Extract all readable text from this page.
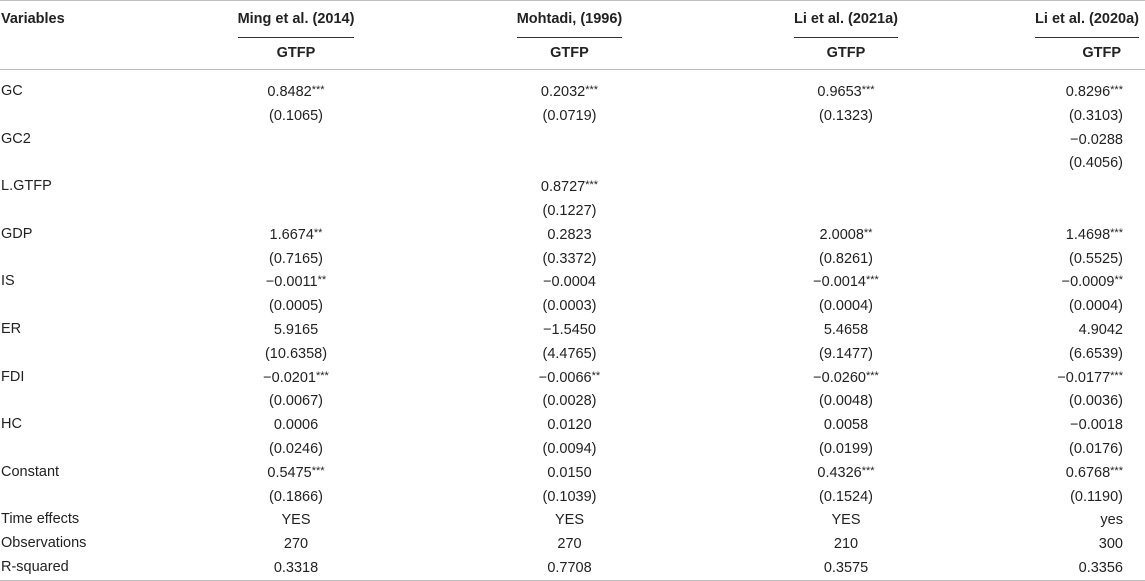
Variables	Ming et al. (2014)	Mohtadi, (1996)	Li et al. (2021a)	Li et al. (2020a)
	GTFP	GTFP	GTFP	GTFP
GC	0.8482***	0.2032***	0.9653***	0.8296***
	(0.1065)	(0.0719)	(0.1323)	(0.3103)
GC2				−0.0288
				(0.4056)
L.GTFP		0.8727***		
		(0.1227)		
GDP	1.6674**	0.2823	2.0008**	1.4698***
	(0.7165)	(0.3372)	(0.8261)	(0.5525)
IS	−0.0011**	−0.0004	−0.0014***	−0.0009**
	(0.0005)	(0.0003)	(0.0004)	(0.0004)
ER	5.9165	−1.5450	5.4658	4.9042
	(10.6358)	(4.4765)	(9.1477)	(6.6539)
FDI	−0.0201***	−0.0066**	−0.0260***	−0.0177***
	(0.0067)	(0.0028)	(0.0048)	(0.0036)
HC	0.0006	0.0120	0.0058	−0.0018
	(0.0246)	(0.0094)	(0.0199)	(0.0176)
Constant	0.5475***	0.0150	0.4326***	0.6768***
	(0.1866)	(0.1039)	(0.1524)	(0.1190)
Time effects	YES	YES	YES	yes
Observations	270	270	210	300
R-squared	0.3318	0.7708	0.3575	0.3356
